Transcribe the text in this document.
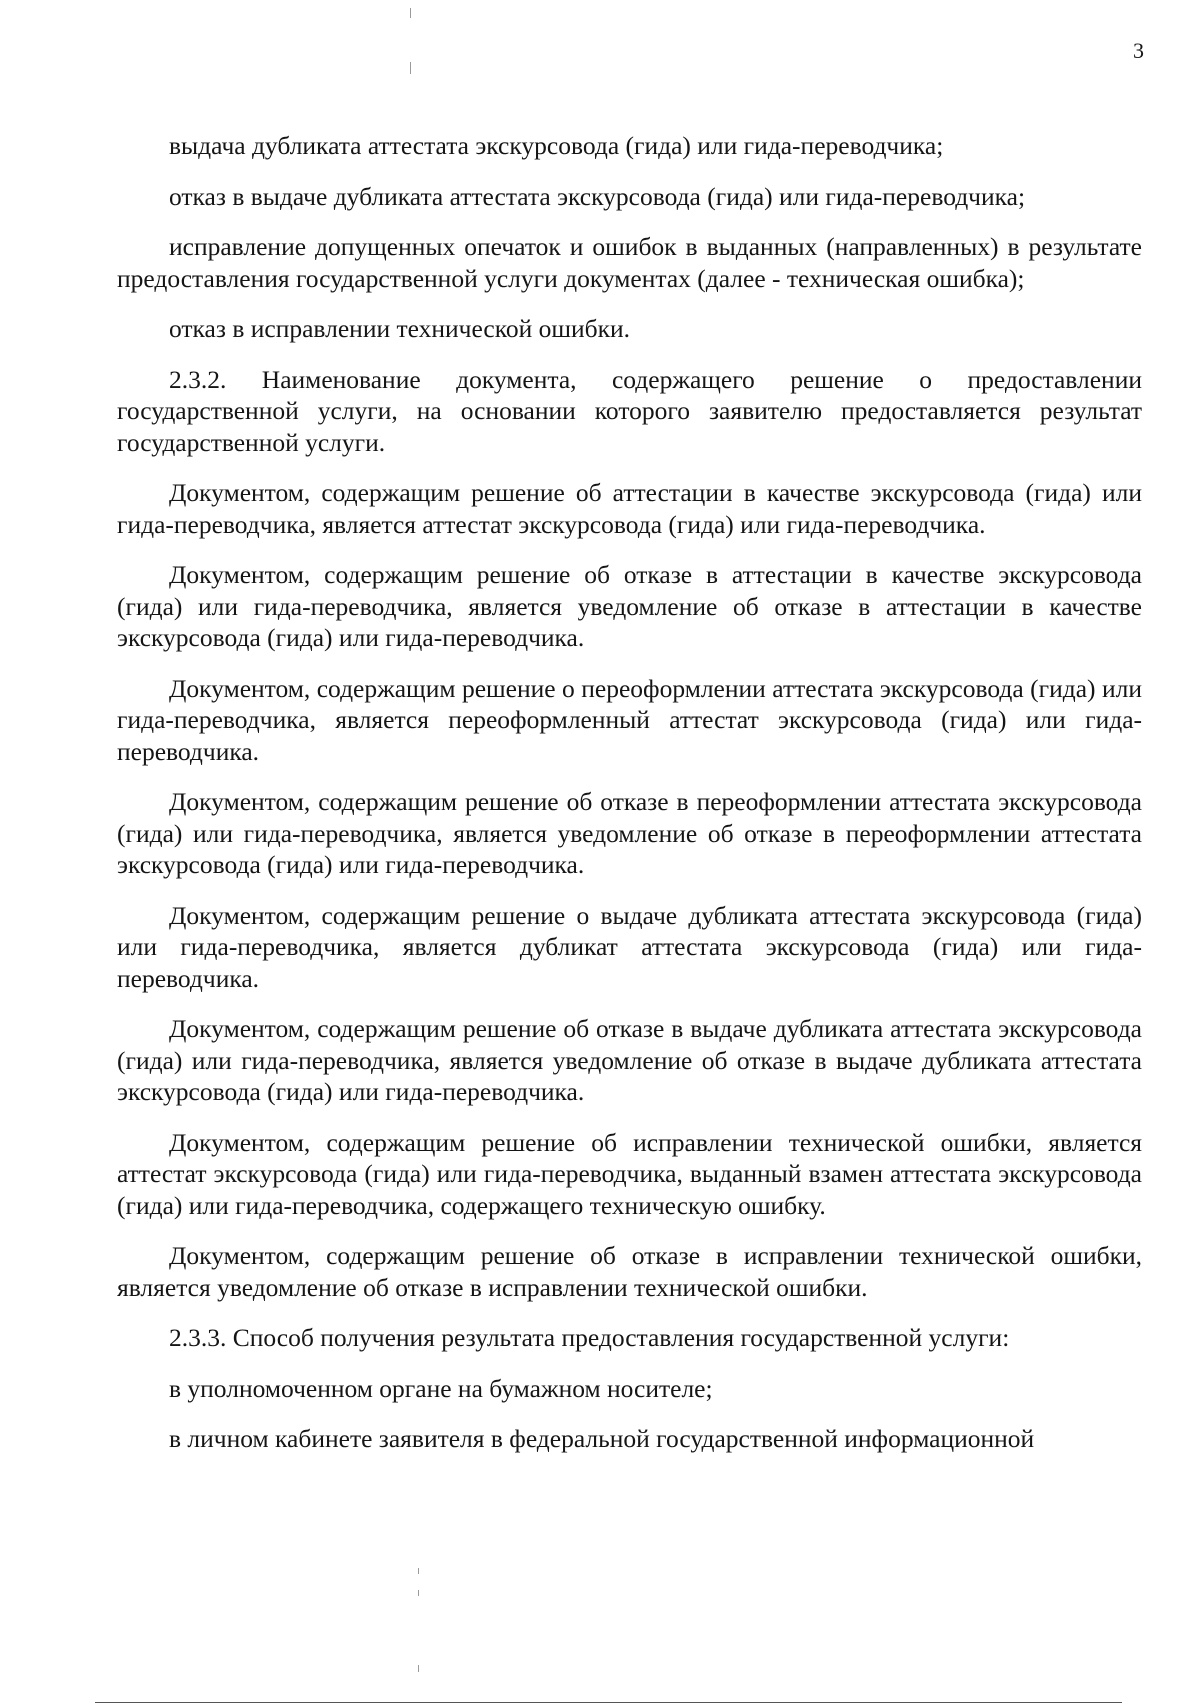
3

выдача дубликата аттестата экскурсовода (гида) или гида-переводчика;

отказ в выдаче дубликата аттестата экскурсовода (гида) или гида-переводчика;

исправление допущенных опечаток и ошибок в выданных (направленных) в результате предоставления государственной услуги документах (далее - техническая ошибка);

отказ в исправлении технической ошибки.

2.3.2. Наименование документа, содержащего решение о предоставлении государственной услуги, на основании которого заявителю предоставляется результат государственной услуги.

Документом, содержащим решение об аттестации в качестве экскурсовода (гида) или гида-переводчика, является аттестат экскурсовода (гида) или гида-переводчика.

Документом, содержащим решение об отказе в аттестации в качестве экскурсовода (гида) или гида-переводчика, является уведомление об отказе в аттестации в качестве экскурсовода (гида) или гида-переводчика.

Документом, содержащим решение о переоформлении аттестата экскурсовода (гида) или гида-переводчика, является переоформленный аттестат экскурсовода (гида) или гида-переводчика.

Документом, содержащим решение об отказе в переоформлении аттестата экскурсовода (гида) или гида-переводчика, является уведомление об отказе в переоформлении аттестата экскурсовода (гида) или гида-переводчика.

Документом, содержащим решение о выдаче дубликата аттестата экскурсовода (гида) или гида-переводчика, является дубликат аттестата экскурсовода (гида) или гида-переводчика.

Документом, содержащим решение об отказе в выдаче дубликата аттестата экскурсовода (гида) или гида-переводчика, является уведомление об отказе в выдаче дубликата аттестата экскурсовода (гида) или гида-переводчика.

Документом, содержащим решение об исправлении технической ошибки, является аттестат экскурсовода (гида) или гида-переводчика, выданный взамен аттестата экскурсовода (гида) или гида-переводчика, содержащего техническую ошибку.

Документом, содержащим решение об отказе в исправлении технической ошибки, является уведомление об отказе в исправлении технической ошибки.

2.3.3. Способ получения результата предоставления государственной услуги:

в уполномоченном органе на бумажном носителе;

в личном кабинете заявителя в федеральной государственной информационной
